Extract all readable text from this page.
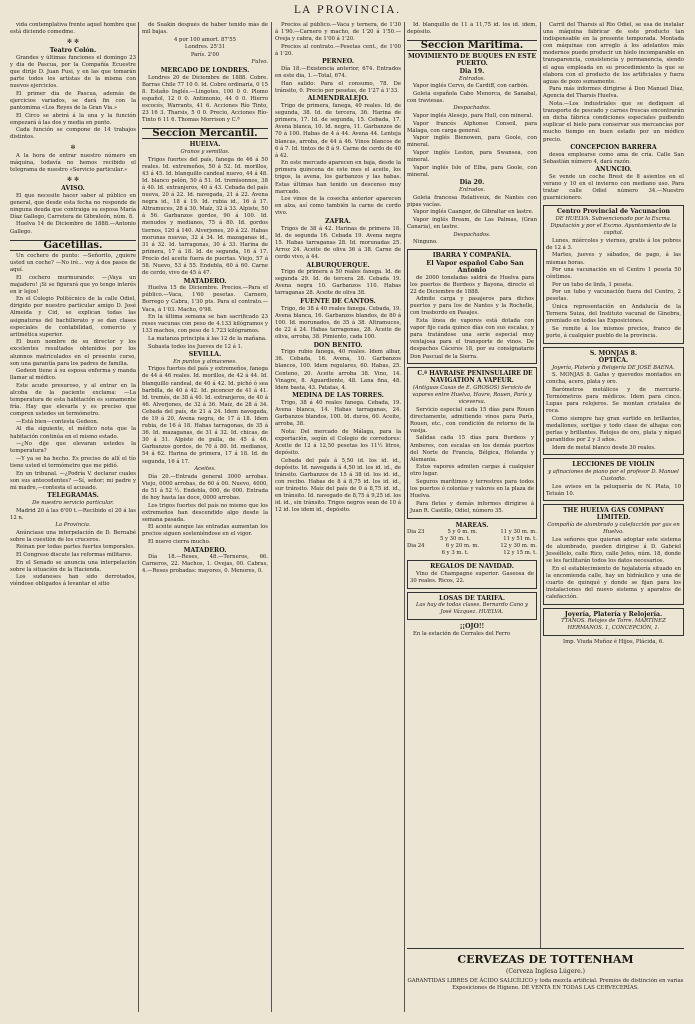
LA PROVINCIA.

vida contemplativa frente aquel hombre que está diciendo comedme.

✻ ✻

Teatro Colón.

Grandes y últimas funciones el domingo 23 y dia de Pascua, por la Compañía Ecuestre que dirije D. Juan Fusi, y en las que tomarán parte todos los artistas de la misma con nuevos ejercicios.

El primer dia de Pascua, además de ejercicios variados, se dará fin con la pantomima «Los Reyes de la Gran Via.»

El Circo se abrirá á la una y la función empezará á las dos y media en punto.

Cada función se compone de 14 trabajos distintos.

✻

A la hora de entrar nuestro número en máquina, todavía no hemos recibido el telegrama de nuestro «Servicio particular.»

✻ ✻

AVISO.

El que necesite hacer saber al público en general, que desde esta fecha no responde de ninguna deuda que contraiga su esposa María Díaz Gallego, Carretera de Gibraleón, núm. 8.

Huelva 14 de Diciembre de 1888.—Antonio Gallego.

Gacetillas.

Un cochero de punto: —Señorito, ¿quiere usted un coche? —No iré... voy á dos pasos de aquí.

El cochero murmurando: —¡Vaya un majadero! ¡Si se figurará que yo tengo interés en ir lejos!

En el Colegio Politécnico de la calle Odiel, dirigido por nuestro particular amigo D. José Almeida y Cid, se explican todas las asignaturas del bachillerato y se dan clases especiales de contabilidad, comercio y aritmética superior.

El buen nombre de su director y los excelentes resultados obtenidos por los alumnos matriculados en el presente curso, son una garantía para los padres de familia.

Gedeon tiene á su esposa enferma y manda llamar al médico.

Este acude presuroso, y al entrar en la alcoba de la paciente exclama: —La temperatura de esta habitación es sumamente fría. Hay que elevarla y es preciso que compren ustedes un termómetro.

—Está bien—contesta Gedeon.

Al dia siguiente, el médico nota que la habitación continúa en el mismo estado.

—¿No dije que elevaran ustedes la temperatura?

—Y ya se ha hecho. Es preciso de allí el tío tiene usted el termómetro que me pidió.

En un tribunal. —¿Podría V. declarar cuales son sus antecedentes? —Sí, señor; mi padre y mi madre,—contesta el acusado.

TELEGRAMAS.

De nuestro servicio particular.

Madrid 20 á las 6'00 t.—Recibido el 20 á las 12 n.

La Provincia.

Anúnciase una interpelación de D. Bernabé sobre la cuestión de los cruceros.

Reinan por todas partes fuertes temporales.

El Congreso discute las reformas militares.

En el Senado se anuncia una interpelación sobre la situación de la Hacienda.

Los sudaneses han sido derrotados, viéndose obligados á levantar el sitio

de Suakin después de haber tenido más de mil bajas.

4 por 100 amort. 87'55

Londres. 25'31

París. 2'00

Fulvo.

MERCADO DE LONDRES.

Londres 20 de Diciembre de 1888. Cobre. Barras Chile 77 10 0. Id. Cobre ordinaria, 0 15 8. Estaño Inglés.—Lingotes, 100 0 0. Plomo español, 12 0 0. Antimonio, 44 0 0. Hierro escocés, Warrants, 41 6. Acciones Río Tinto, 23 16 3. Tharsis, 5 0 0. Precio, Acciones Río-Tinto 6 11 6. Thomas Morrison y C.ª

Seccion Mercantil.

HUELVA.

Granos y semillas.

Trigos fuertes del país, fanega de 46 á 50 reales. Id. extremeños, 50 á 52. Id. morillos, 43 á 45. Id. blanquillo candeal nuevo, 44 á 48. Id. blanco pelón, 50 á 51. Id. tremisonnos, 38 á 40. Id. extranjeros, 40 á 43. Cebada del país nueva, 20 á 22. Id. navegada, 21 á 22. Avena negra id., 18 á 19. Id. rubia id., 16 á 17. Altramuces, 28 á 30. Maíz, 32 á 33. Alpiste, 50 á 56. Garbanzos gordos, 90 á 100. Id. menudos y medianos, 75 á 80. Id. gordos tiernos, 120 á 140. Alverjones, 20 á 22. Habas morunas nuevas, 32 á 34. Id. mazaganas id., 31 á 32. Id. tarragonas, 30 á 33. Harina de primera, 17 á 18. Id. de segunda, 16 á 17. Precio del aceite fuera de puertas. Viejo, 57 á 58. Nuevo, 53 á 55. Endebla, 60 á 60. Carne de cerdo, vivo de 45 á 47.

MATADERO.

Huelva 15 de Diciembre. Precios.—Para el público.—Vaca, 1'60 pesetas. Carnero, Borrego y Cabra, 1'30 pts. Para el contrato.—Vaca, á 1'03. Macho, 0'98.

En la última semana se han sacrificado 23 reses vacunas con peso de 4.133 kilógramos y 133 machos, con peso de 1.723 kilógramos.

La matanza principia á las 12 de la mañana.

Subasta todos los Jueves de 12 á 1.

SEVILLA.

En puntos y almacenes.

Trigos fuertes del país y extremeños, fanega de 44 á 46 reales. Id. morillos, de 42 á 44. Id. blanquillo candeal, de 40 á 42. Id. pichó ó sea barbilla, de 40 á 42. Id. piconcer de 41 á 41. Id. tremés, de 38 á 40. Id. extranjeros, de 40 á 46. Alverjones, de 32 á 36. Maíz, de 28 á 34. Cebada del país, de 21 á 24. Idem navegada, de 19 á 20. Avena negra, de 17 á 18. Idem rubia, de 16 á 18. Habas tarragonas, de 35 á 36. Id. mazaganas, de 31 á 32. Id. chicas, de 30 á 31. Alpiste de pulla, de 45 á 46. Garbanzos gordos, de 70 á 80. Id. medianos, 54 á 62. Harina de primera, 17 á 18. Id. de segunda, 16 á 17.

Aceites.

Día 20.—Entrada general 3000 arrobas. Viejo, 0000 arrobas, de 60 á 00. Nuevo, 4000, de 51 á 52 ½. Endebla, 000, de 000. Entrada de hoy hasta las doce, 0000 arrobas.

Los trigos fuertes del país no mismo que los extremeños han descendido algo desde la semana pasada.

El aceite aunque las entradas aumentan los precios siguen sosteniéndose en el vigor.

El nuevo cierra mucho.

MATADERO.

Día 18.—Reses, 48.—Terneros, 66. Carneros, 22. Machos, 1. Ovejas, 00. Cabras, 4.—Reses probadas: mayores, 0. Menores, 0.

Precios al público.—Vaca y ternera, de 1'30 á 1'90.—Carnero y macho, de 1'20 á 1'50.—Oveja y cabra, de 1'00 á 1'20.

Precios al contrato.—Pesetas cent., de 1'00 á 1'20.

PERNEO.

Día 18.—Existencia anterior, 674. Entrados en este dia, 1.—Total, 674.

Han salido: Para el consumo, 78. De tránsito, 0. Precio por pesetas, de 1'27 á 1'33.

ALMENDRALEJO.

Trigo de primera, fanega, 40 reales. Id. de segunda, 38. Id. de tercera, 36. Harina de primera, 17. Id. de segunda, 15. Cebada, 17. Avena blanca, 10. Id. negra, 11. Garbanzos de 70 á 100. Habas de 4 á 44. Avena 44. Lenteja blancas, arroba, de 44 á 46. Vinos blancos de 6 á 7. Id. tintos de 8 á 9. Carne de cerdo de 40 á 42.

En este mercado aparecen en baja, desde la primera quincena de este mes el aceite, los trigos, la avena, los garbanzos y las habas. Estas últimas han tenido un descenso muy marcado.

Los vinos de la cosecha anterior aparecen en alza, así como también la carne de cerdo vivo.

ZAFRA.

Trigos de 38 á 42. Harinas de primera 18. Id. de segunda 16. Cebada 19. Avena negra 15. Habas tarraganas 28. Id. morunadas 25. Arroz 24. Aceite de oliva 36 á 38. Carne de cerdo vivo, á 44.

ALBURQUERQUE.

Trigo de primera á 50 reales fanega. Id. de segunda 29. Id. de tercera 28. Cebada 19. Avena negra 10. Garbanzos 110. Habas tarraganas 28. Aceite de oliva 38.

FUENTE DE CANTOS.

Trigo, de 38 á 40 reales fanega. Cebada, 19. Avena blanca, 16. Garbanzos blandos, de 80 á 100. Id. morunados, de 35 á 38. Altramuces, de 22 á 24. Habas tarragonas, 28. Aceite de oliva, arroba, 38. Pimiento, cada 100.

DON BENITO.

Trigo rubio fanega, 40 reales. Idem albar, 36. Cebada, 16. Avena, 10. Garbanzos blancos, 100. Idem regulares, 60. Habas, 25. Centeno, 20. Aceite arroba 38. Vino, 14. Vinagre, 8. Aguardiente, 48. Lana fina, 48. Idem basta, 43. Patatas, 4.

MEDINA DE LAS TORRES.

Trigo, 38 á 40 reales fanega. Cebada, 19. Avena blanca, 14. Habas tarraganas, 24. Garbanzos blandos, 100. Id. duros, 60. Aceite, arroba, 38.

Nota: Del mercado de Málaga, para la exportación, según el Colegio de corredores: Aceite de 12 á 12,50 pesetas los 11½ litros, depósito.

Cebada del país á 5,50 id. los id. id., depósito. Id. navegada á 4,50 id. los id. id., de tránsito. Garbanzos de 15 á 38 id. los id. id., con recibo. Habas de 8 á 8,75 id. los id. id., sur tránsito. Maíz del país de 0 á 8,75 id. id., en tránsito. Id. navegado de 8,75 á 9,25 id. los id. id., sin tránsito. Trigos negros sean de 10 á 12 id. los idem id., depósito.

Id. blanquillo de 11 á 11,75 id. los id. idem, depósito.

Seccion Maritima.

MOVIMIENTO DE BUQUES EN ESTE PUERTO.

Dia 19.

Entrados.

Vapor inglés Cervo, de Cardiff, con carbón.

Goleta española Cabo Menorca, de Sanabal, con traviesas.

Despachados.

Vapor inglés Alesejo, para Hull, con mineral.

Vapor francés Alphonse Conseil, para Málaga, con carga general.

Vapor inglés Bienowen, para Goole, con mineral.

Vapor inglés Leston, para Swansea, con mineral.

Vapor inglés Isle of Elba, para Goole, con mineral.

Dia 20.

Entrados.

Goleta francesa Relativeux, de Nantes con pipas vacías.

Vapor inglés Caangor, de Gibraltar en lastre.

Vapor inglés Bream, de Las Palmas, (Gran Canaria), en lastre.

Despachados.

Ninguno.

IBARRA Y COMPAÑÍA.

El Vapor español Cabo San Antonio

de 2000 toneladas saldrá de Huelva para los puertos de Burdeos y Bayona, directo el 22 de Diciembre de 1888.

Admite carga y pasajeros para dichos puertos y para los de Nantes y la Rochelle, con trasbordo en Pasajes.

Esta línea de vapores está dotada con vapor fijo cada quince días con sus escalas, y para tratándose una serie especial muy ventajosa para el transporte de vinos. De despachos Cáceres 18, por su consignatario Don Pascual de la Sierra.

C.ª HAVRAISE PENINSULAIRE DE NAVIGATION A VAPEUR.

(Antiguas Casas de E. GROSOS) Servicio de vapores entre Huelva, Havre, Rouen, París y viceversa.

Servicio especial cada 15 días para Rouen directamente, admitiendo vinos para París, Rouen, etc., con condición de retorno de la vasija.

Salidas cada 15 días para Burdeos y Amberes, con escalas en los demás puertos del Norte de Francia, Bélgica, Holanda y Alemania.

Estos vapores admiten cargas á cualquier otro lugar.

Seguros marítimos y terrestres para todos los puertos ó colonias y valores en la plaza de Huelva.

Para fletes y demás informes dirigirse á Juan R. Castillo, Odiel, número 35.

MAREAS.

Dia 23	5 y 0 m. m.	11 y 30 m. m.
5 y 30 m. t.	11 y 51 m. t.
Dia 24	6 y 20 m. m.	12 y 30 m. m.
6 y 3 m. t.	12 y 15 m. t.

REGALOS DE NAVIDAD.

Vino de Champagne superior. Gaseosa de 30 reales. Ricos, 22.

LOSAS DE TARIFA.

Las hay de todas clases. Bernardo Cano y José Vázquez. HUELVA.

¡¡OJO!!

En la estación de Cerrales del Ferro

Carril del Tharsis al Rio Odiel, se usa de instalar una máquina fabricar de este producto tan indispensable en la presente temporada. Montada con máquinas con arreglo á los adelantos más modernos puede producir un hielo incomparable en transparencia, consistencia y permanencia, siendo el agua empleada en su procedimiento la que se elabora con el producto de los artificiales y fuera aguas de pozo sumamente.

Para más informes dirigirse á Don Manuel Díaz, Agencia del Tharsis Huelva.

Nota.—Los industriales que se dediquen al transporte de pescado y carnes frescas encontrarán en dicha fábrica condiciones especiales pudiendo suplicar el hielo para conservar sus mercancías por mucho tiempo en buen estado por un módico precio.

CONCEPCION BARRERA

desea emplearse como ama de cría. Calle San Sebastián número 4, dará razón.

ANUNCIO.

Se vende un coche Brest de 8 asientos en el verano y 10 en el invierno con mediano uso. Para tratar calle Odiel número 34.—Nuestro guarnicionero.

Centro Provincial de Vacunacion

DE HUELVA. Subvencionado por la Excma. Diputación y por el Excmo. Ayuntamiento de la capital.

Lunes, miércoles y viernes, gratis á los pobres de 12 á 3.

Martes, jueves y sábados, de pago, á las mismas horas.

Por una vacunación en el Centro 1 peseta 50 céntimos.

Por un tubo de linfa, 1 peseta.

Por un tubo y vacunación fuera del Centro, 2 pesetas.

Única representación en Andalucía de la Ternera Suiza, del Instituto vacunal de Ginebra, premiado en todas las Exposiciones.

Se remite á los mismos precios, franco de porte, á cualquier pueblo de la provincia.

S. MONJAS 8.

ÓPTICA.

Joyería, Platería y Relojería DE JOSÉ BAENA.

S. MONJAS 8. Gafas y quevedos montados en concha, acero, plata y oro.

Barómetros metálicos y de mercurio. Termómetros para médicos. Idem para cinco. Lupas para relojeros. Se montan cristales de roca.

Como siempre hay gran surtido en brillantes, medallones, sortijas y todo clase de alhajas con perlas y brillantes. Relojes de oro, plata y níquel garantidos por 2 y 3 años.

Idem de metal blanco desde 30 reales.

LECCIONES DE VIOLIN

y afinaciones de piano por el profesor D. Manuel Custodio.

Los avisos en la peluquería de N. Plata, 10 Tetuán 10.

THE HUELVA GAS COMPANY LIMITED.

Compañía de alumbrado y calefacción por gas en Huelva.

Los señores que quieran adoptar este sistema de alumbrado, pueden dirigirse á D. Gabriel Jesséllelo, calle Rico, calle Jefes, núm. 18, donde se les facilitarán todos los datos necesarios.

En el establecimiento de hojalatería situado en la encomienda calle, hay un hidráulico y una de cuarto de quinqué y donde se fijan para los instalaciones del nuevo sistema y aparatos de calefacción.

Joyería, Platería y Relojería.

TTANOS. Relojes de Torre. MARTÍNEZ HERMANOS. 1, CONCEPCIÓN, 1.

Imp. Viuda Muñoz é Hijos, Plácida, 6.

CERVEZAS DE TOTTENHAM
(Cerveza Inglesa Lúgere.)
GARANTIDAS LIBRES DE ÁCIDO SALICÍLICO y toda mezcla artificial. Premios de distinción en varias Exposiciones de Higiene. DE VENTA EN TODAS LAS CERVECERÍAS.
